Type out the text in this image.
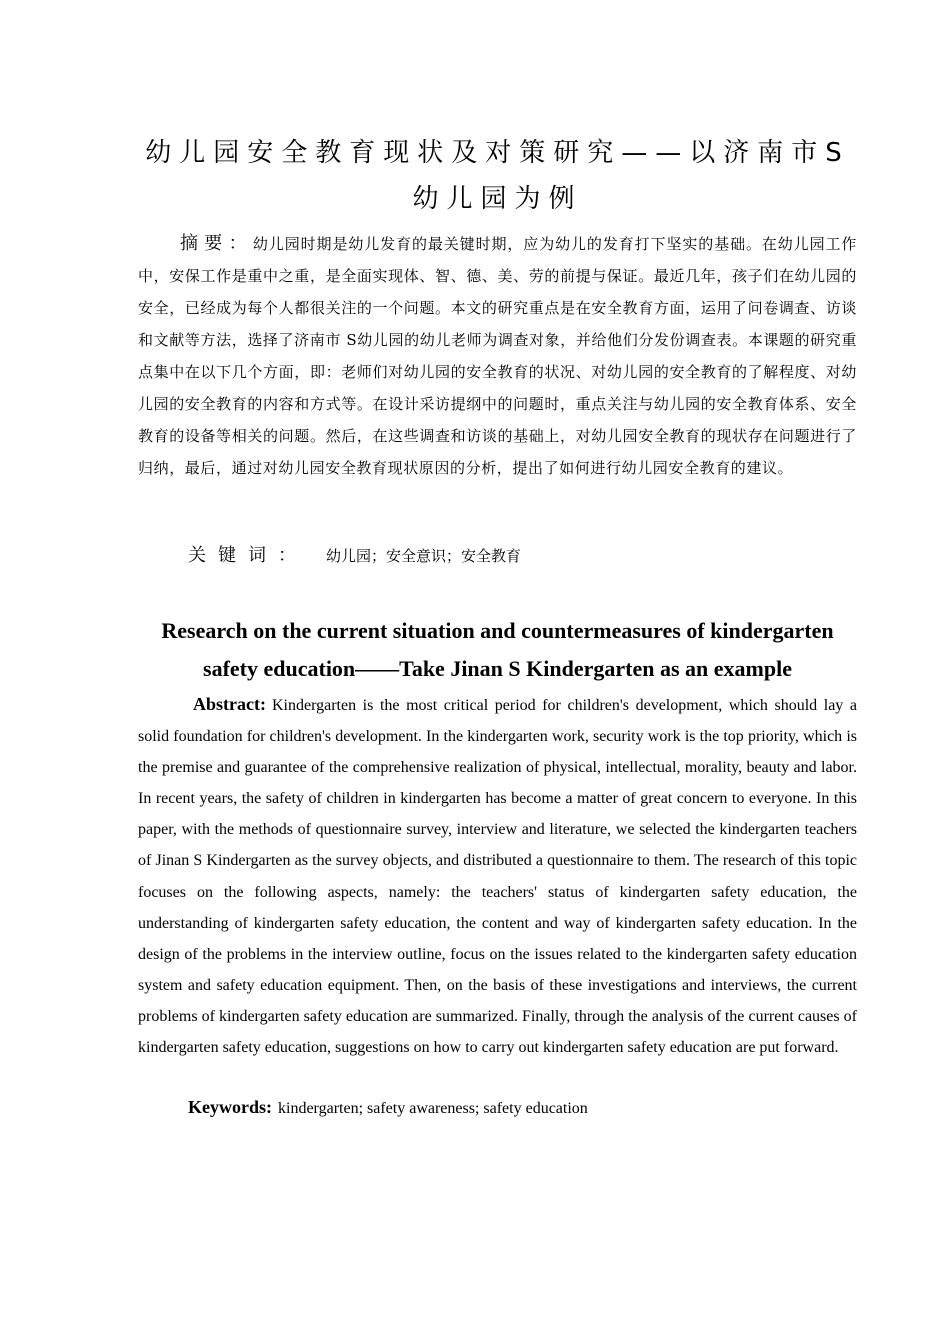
幼儿园安全教育现状及对策研究——以济南市S幼儿园为例

摘要：幼儿园时期是幼儿发育的最关键时期，应为幼儿的发育打下坚实的基础。在幼儿园工作中，安保工作是重中之重，是全面实现体、智、德、美、劳的前提与保证。最近几年，孩子们在幼儿园的安全，已经成为每个人都很关注的一个问题。本文的研究重点是在安全教育方面，运用了问卷调查、访谈和文献等方法，选择了济南市 S幼儿园的幼儿老师为调查对象，并给他们分发份调查表。本课题的研究重点集中在以下几个方面，即：老师们对幼儿园的安全教育的状况、对幼儿园的安全教育的了解程度、对幼儿园的安全教育的内容和方式等。在设计采访提纲中的问题时，重点关注与幼儿园的安全教育体系、安全教育的设备等相关的问题。然后，在这些调查和访谈的基础上，对幼儿园安全教育的现状存在问题进行了归纳，最后，通过对幼儿园安全教育现状原因的分析，提出了如何进行幼儿园安全教育的建议。

关键词： 幼儿园；安全意识；安全教育

Research on the current situation and countermeasures of kindergarten safety education——Take Jinan S Kindergarten as an example

Abstract: Kindergarten is the most critical period for children's development, which should lay a solid foundation for children's development. In the kindergarten work, security work is the top priority, which is the premise and guarantee of the comprehensive realization of physical, intellectual, morality, beauty and labor. In recent years, the safety of children in kindergarten has become a matter of great concern to everyone. In this paper, with the methods of questionnaire survey, interview and literature, we selected the kindergarten teachers of Jinan S Kindergarten as the survey objects, and distributed a questionnaire to them. The research of this topic focuses on the following aspects, namely: the teachers' status of kindergarten safety education, the understanding of kindergarten safety education, the content and way of kindergarten safety education. In the design of the problems in the interview outline, focus on the issues related to the kindergarten safety education system and safety education equipment. Then, on the basis of these investigations and interviews, the current problems of kindergarten safety education are summarized. Finally, through the analysis of the current causes of kindergarten safety education, suggestions on how to carry out kindergarten safety education are put forward.

Keywords: kindergarten; safety awareness; safety education
